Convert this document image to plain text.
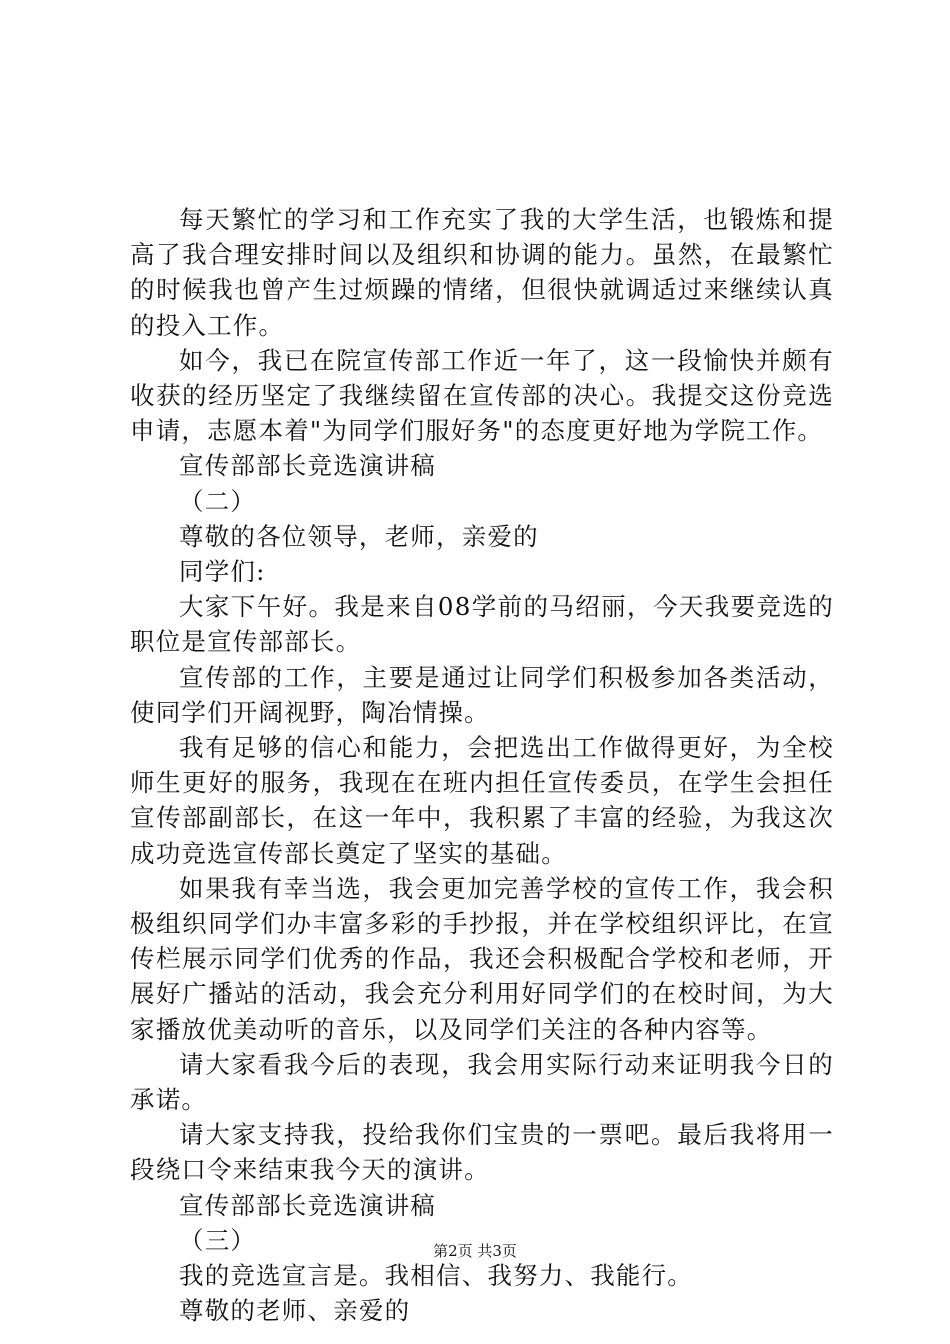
每天繁忙的学习和工作充实了我的大学生活，也锻炼和提高了我合理安排时间以及组织和协调的能力。虽然，在最繁忙的时候我也曾产生过烦躁的情绪，但很快就调适过来继续认真的投入工作。

如今，我已在院宣传部工作近一年了，这一段愉快并颇有收获的经历坚定了我继续留在宣传部的决心。我提交这份竞选申请，志愿本着"为同学们服好务"的态度更好地为学院工作。

宣传部部长竞选演讲稿

（二）

尊敬的各位领导，老师，亲爱的

同学们:

大家下午好。我是来自08学前的马绍丽，今天我要竞选的职位是宣传部部长。

宣传部的工作，主要是通过让同学们积极参加各类活动，使同学们开阔视野，陶冶情操。

我有足够的信心和能力，会把选出工作做得更好，为全校师生更好的服务，我现在在班内担任宣传委员，在学生会担任宣传部副部长，在这一年中，我积累了丰富的经验，为我这次成功竞选宣传部长奠定了坚实的基础。

如果我有幸当选，我会更加完善学校的宣传工作，我会积极组织同学们办丰富多彩的手抄报，并在学校组织评比，在宣传栏展示同学们优秀的作品，我还会积极配合学校和老师，开展好广播站的活动，我会充分利用好同学们的在校时间，为大家播放优美动听的音乐，以及同学们关注的各种内容等。

请大家看我今后的表现，我会用实际行动来证明我今日的承诺。

请大家支持我，投给我你们宝贵的一票吧。最后我将用一段绕口令来结束我今天的演讲。

宣传部部长竞选演讲稿

（三）

我的竞选宣言是。我相信、我努力、我能行。

尊敬的老师、亲爱的

第2页 共3页
